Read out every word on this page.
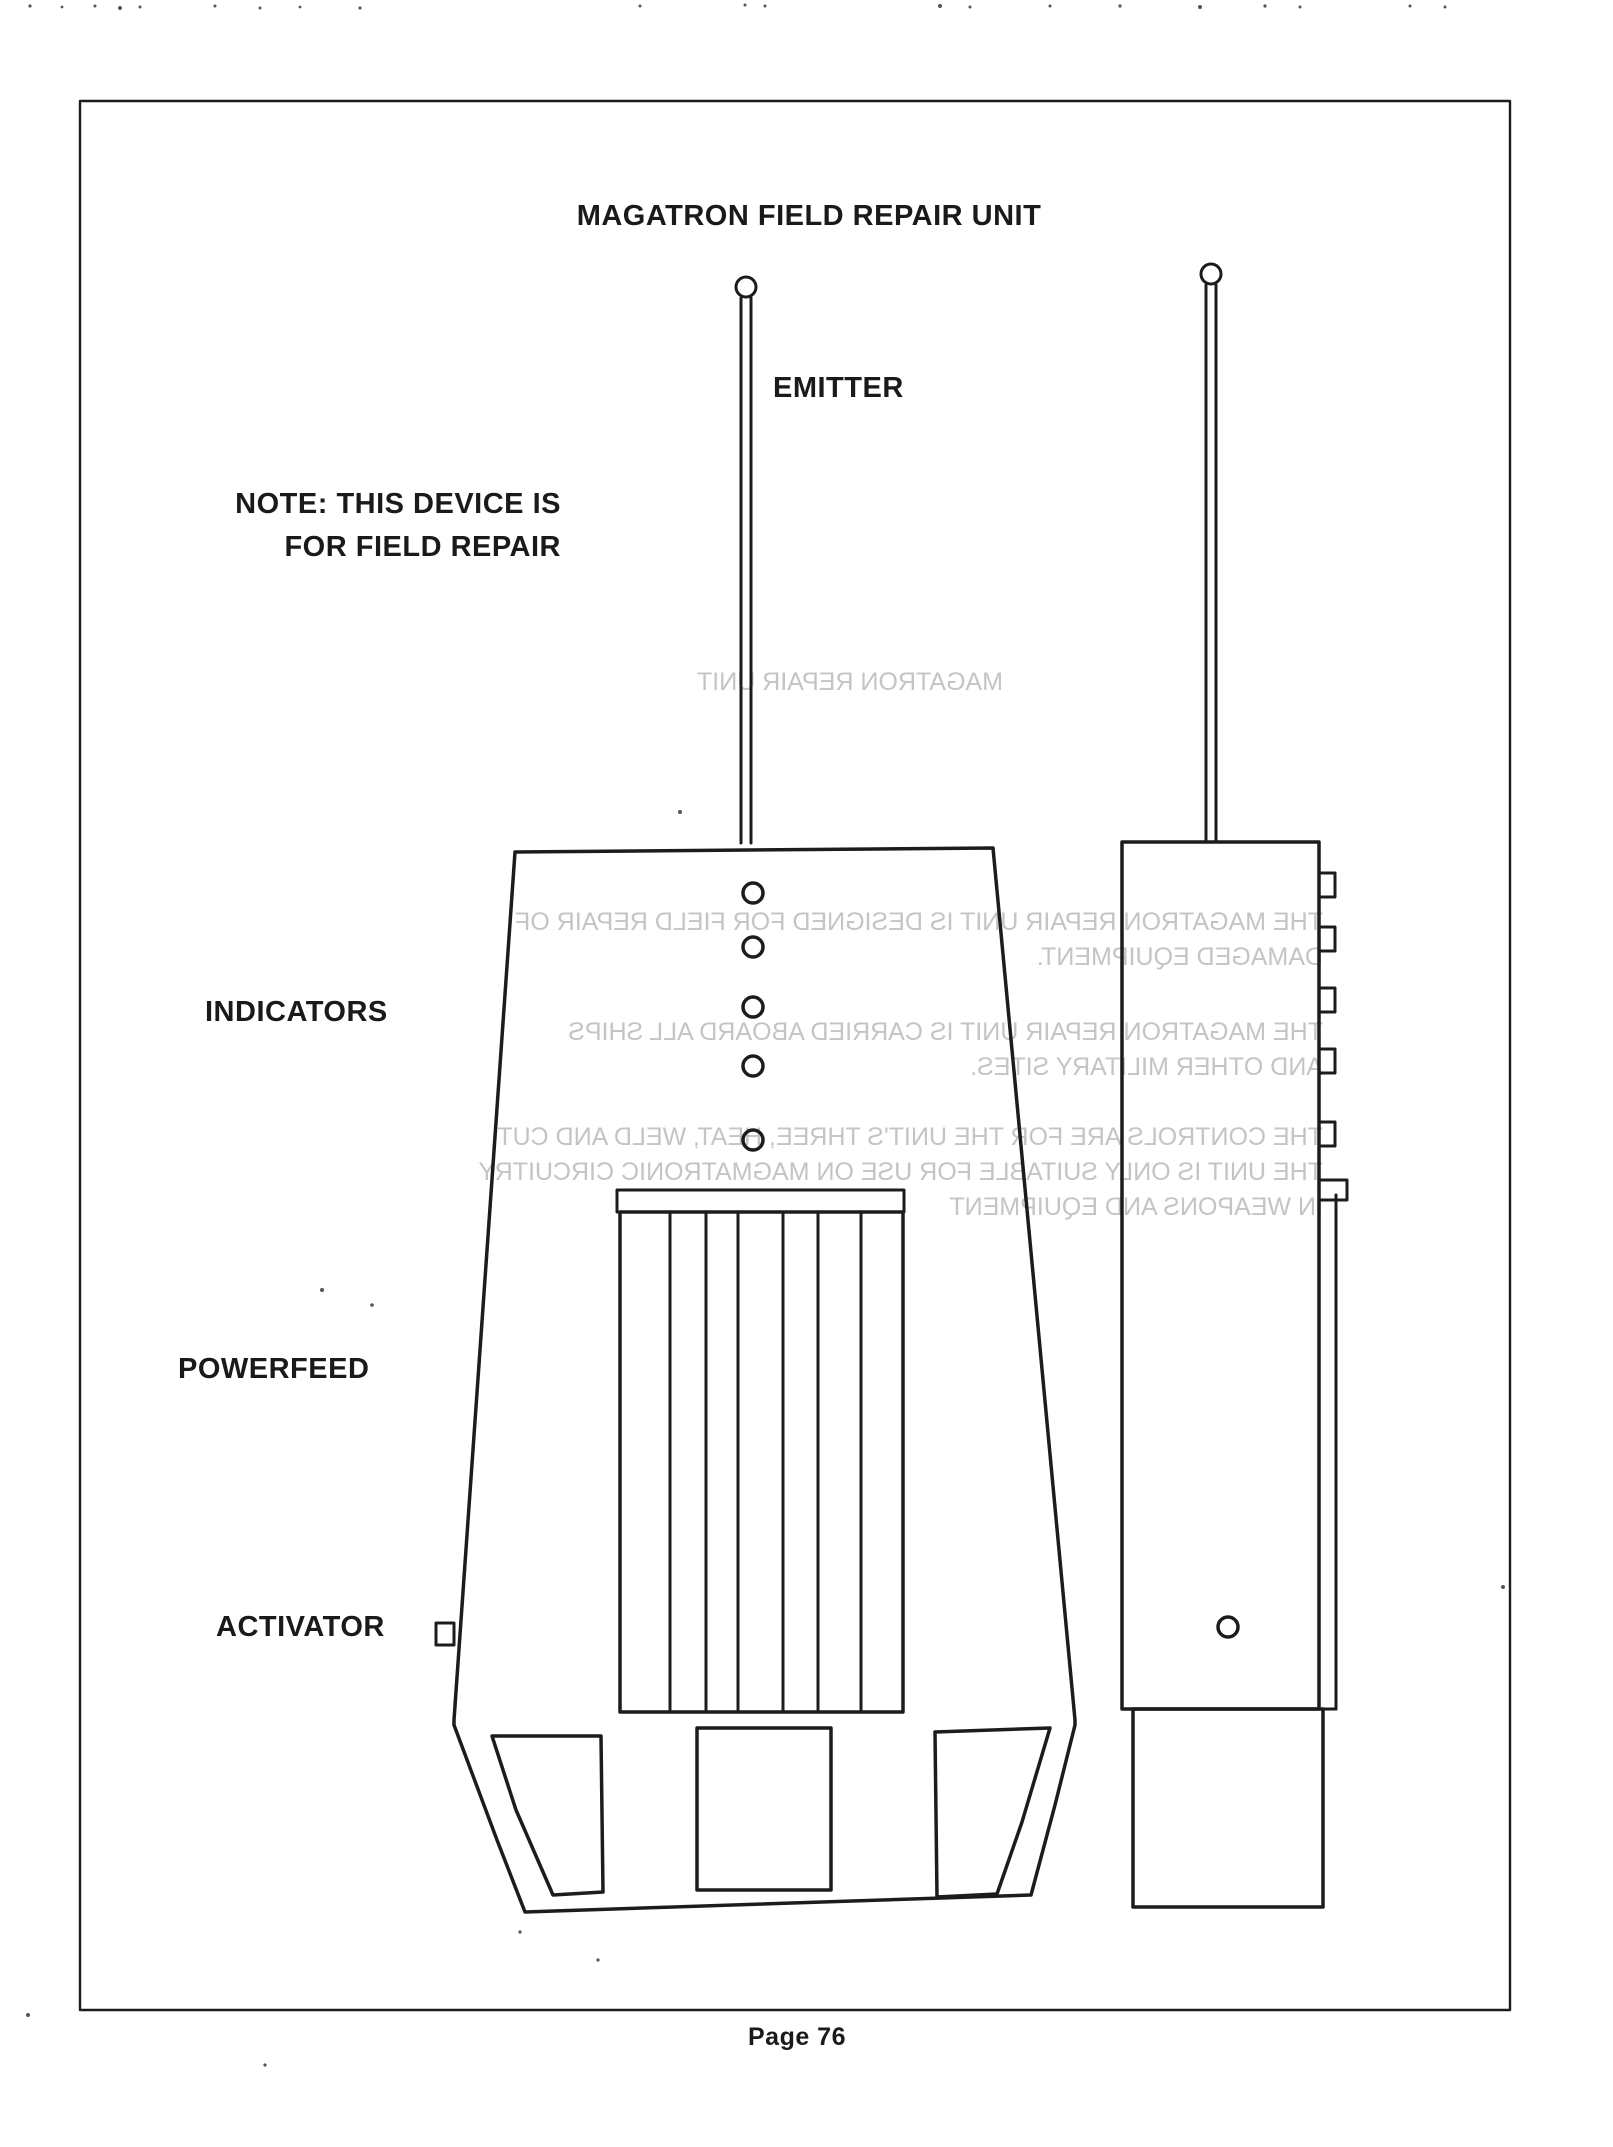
MAGATRON REPAIR UNIT
THE MAGATRON REPAIR UNIT IS DESIGNED FOR FIELD REPAIR OF
DAMAGED EQUIPMENT.
THE MAGATRON REPAIR UNIT IS CARRIED ABOARD ALL SHIPS
AND OTHER MILITARY SITES.
THE CONTROLS ARE FOR THE UNIT'S THREE, HEAT, WELD AND CUT
THE UNIT IS ONLY SUITABLE FOR USE ON MAGMATRONIC CIRCUITRY
IN WEAPONS AND EQUIPMENT
MAGATRON FIELD REPAIR UNIT
EMITTER
NOTE: THIS DEVICE IS
FOR FIELD REPAIR
INDICATORS
POWERFEED
ACTIVATOR
Page 76
